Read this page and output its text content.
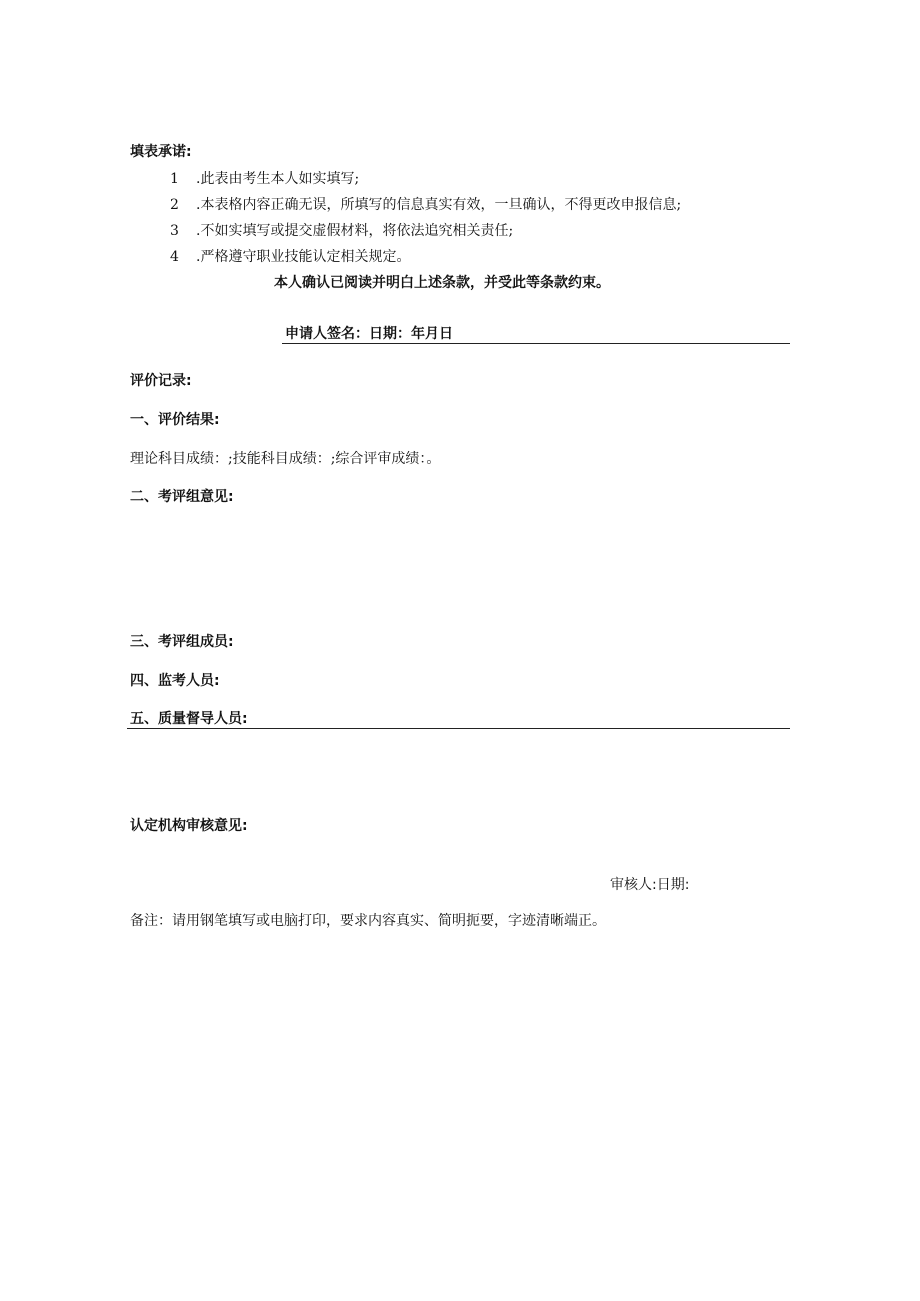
填表承诺:
1 .此表由考生本人如实填写;
2 .本表格内容正确无误，所填写的信息真实有效，一旦确认，不得更改申报信息;
3 .不如实填写或提交虚假材料，将依法追究相关责任;
4 .严格遵守职业技能认定相关规定。
本人确认已阅读并明白上述条款，并受此等条款约束。
申请人签名：日期：年月日
评价记录:
一、评价结果:
理论科目成绩：;技能科目成绩：;综合评审成绩：。
二、考评组意见:
三、考评组成员:
四、监考人员:
五、质量督导人员:
认定机构审核意见:
审核人:日期:
备注：请用钢笔填写或电脑打印，要求内容真实、简明扼要，字迹清晰端正。
